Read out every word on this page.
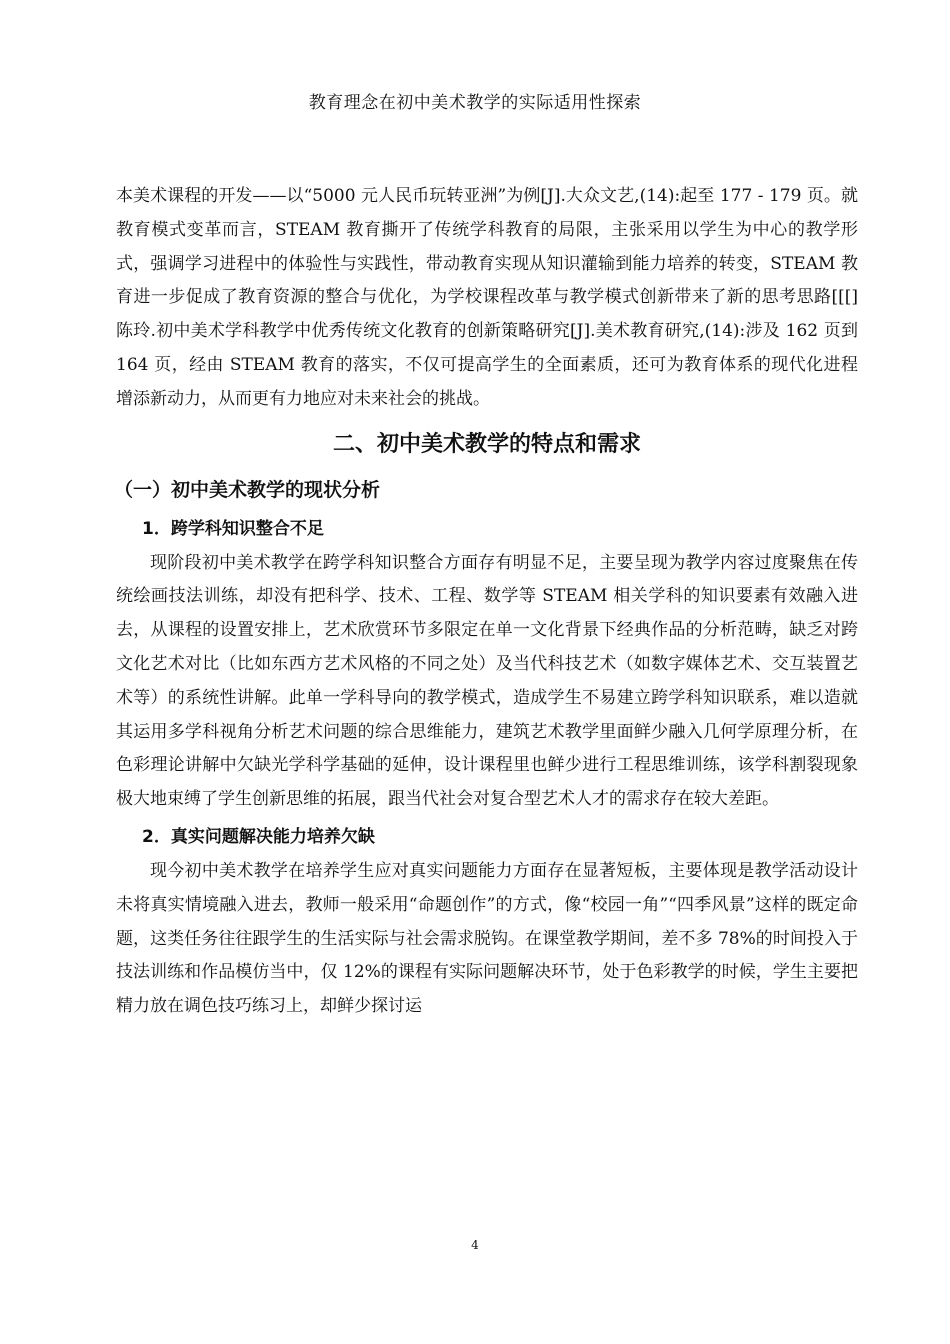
教育理念在初中美术教学的实际适用性探索

本美术课程的开发——以“5000 元人民币玩转亚洲”为例[J].大众文艺,(14):起至 177 - 179 页。就教育模式变革而言，STEAM 教育撕开了传统学科教育的局限，主张采用以学生为中心的教学形式，强调学习进程中的体验性与实践性，带动教育实现从知识灌输到能力培养的转变，STEAM 教育进一步促成了教育资源的整合与优化，为学校课程改革与教学模式创新带来了新的思考思路[[[] 陈玲.初中美术学科教学中优秀传统文化教育的创新策略研究[J].美术教育研究,(14):涉及 162 页到 164 页，经由 STEAM 教育的落实，不仅可提高学生的全面素质，还可为教育体系的现代化进程增添新动力，从而更有力地应对未来社会的挑战。

二、初中美术教学的特点和需求
（一）初中美术教学的现状分析
1．跨学科知识整合不足

现阶段初中美术教学在跨学科知识整合方面存有明显不足，主要呈现为教学内容过度聚焦在传统绘画技法训练，却没有把科学、技术、工程、数学等 STEAM 相关学科的知识要素有效融入进去，从课程的设置安排上，艺术欣赏环节多限定在单一文化背景下经典作品的分析范畴，缺乏对跨文化艺术对比（比如东西方艺术风格的不同之处）及当代科技艺术（如数字媒体艺术、交互装置艺术等）的系统性讲解。此单一学科导向的教学模式，造成学生不易建立跨学科知识联系，难以造就其运用多学科视角分析艺术问题的综合思维能力，建筑艺术教学里面鲜少融入几何学原理分析，在色彩理论讲解中欠缺光学科学基础的延伸，设计课程里也鲜少进行工程思维训练，该学科割裂现象极大地束缚了学生创新思维的拓展，跟当代社会对复合型艺术人才的需求存在较大差距。

2．真实问题解决能力培养欠缺

现今初中美术教学在培养学生应对真实问题能力方面存在显著短板，主要体现是教学活动设计未将真实情境融入进去，教师一般采用“命题创作”的方式，像“校园一角”“四季风景”这样的既定命题，这类任务往往跟学生的生活实际与社会需求脱钩。在课堂教学期间，差不多 78%的时间投入于技法训练和作品模仿当中，仅 12%的课程有实际问题解决环节，处于色彩教学的时候，学生主要把精力放在调色技巧练习上，却鲜少探讨运

4
